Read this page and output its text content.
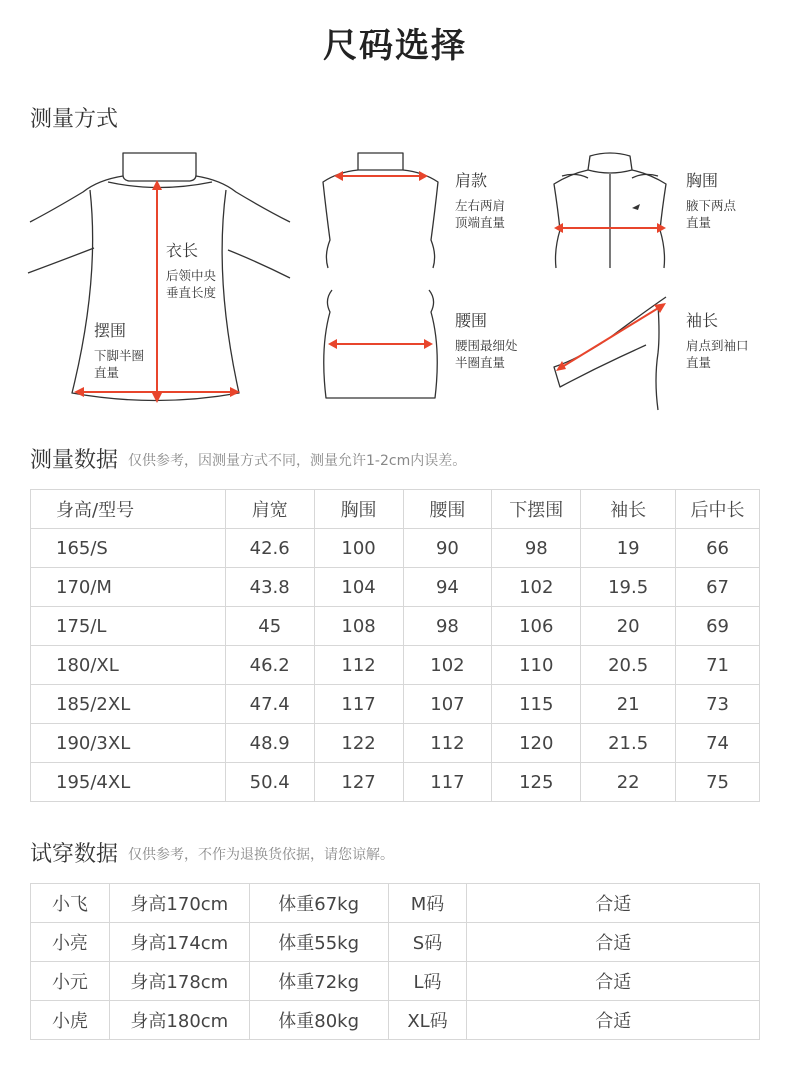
尺码选择
测量方式
衣长
后领中央
垂直长度
摆围
下脚半圈
直量
肩款
左右两肩
顶端直量
胸围
腋下两点
直量
腰围
腰围最细处
半圈直量
袖长
肩点到袖口
直量
测量数据 仅供参考，因测量方式不同，测量允许1-2cm内误差。
身高/型号	肩宽	胸围	腰围	下摆围	袖长	后中长
165/S	42.6	100	90	98	19	66
170/M	43.8	104	94	102	19.5	67
175/L	45	108	98	106	20	69
180/XL	46.2	112	102	110	20.5	71
185/2XL	47.4	117	107	115	21	73
190/3XL	48.9	122	112	120	21.5	74
195/4XL	50.4	127	117	125	22	75
试穿数据 仅供参考，不作为退换货依据，请您谅解。
小飞	身高170cm	体重67kg	M码	合适
小亮	身高174cm	体重55kg	S码	合适
小元	身高178cm	体重72kg	L码	合适
小虎	身高180cm	体重80kg	XL码	合适
